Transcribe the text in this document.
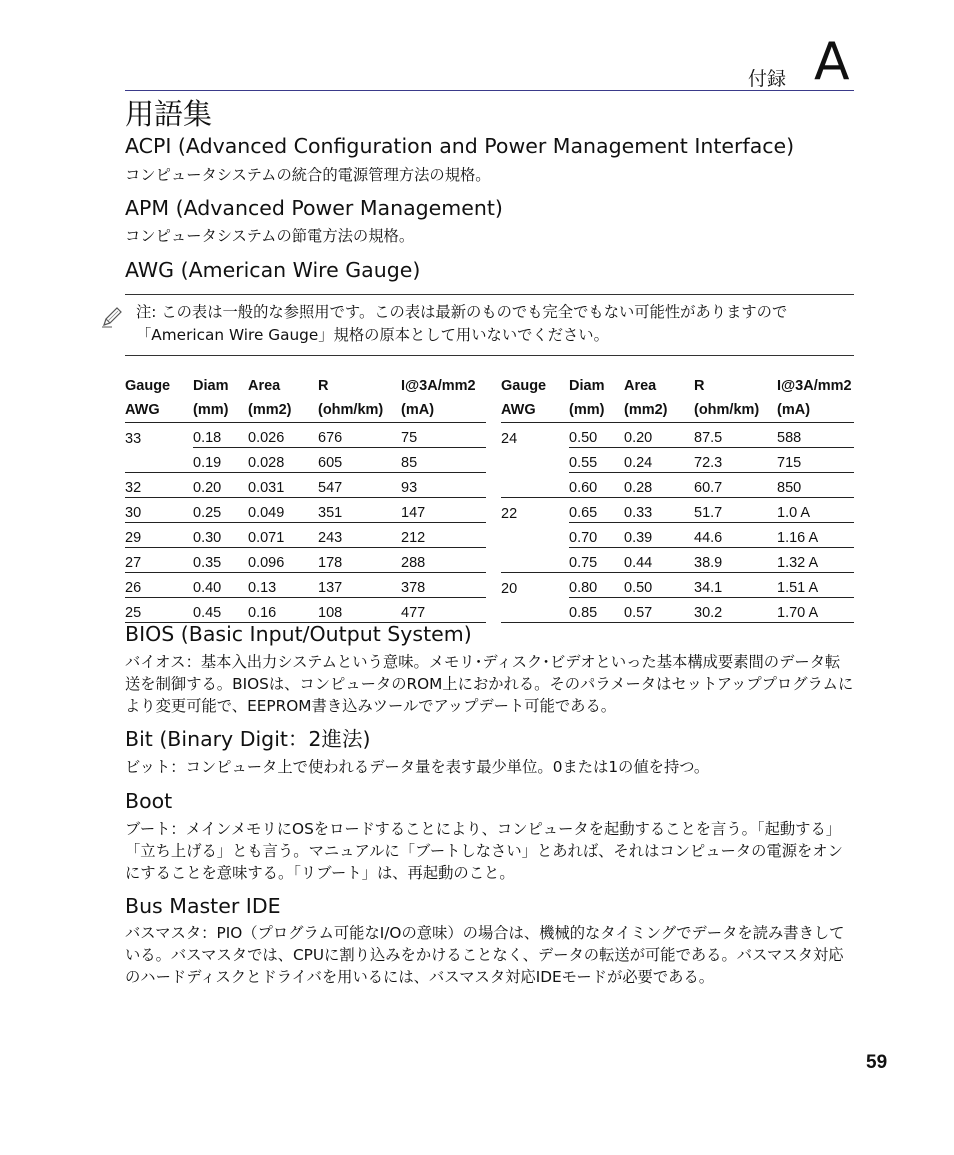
付録 A
用語集
ACPI (Advanced Configuration and Power Management Interface)
コンピュータシステムの統合的電源管理方法の規格。
APM (Advanced Power Management)
コンピュータシステムの節電方法の規格。
AWG (American Wire Gauge)
注: この表は一般的な参照用です。この表は最新のものでも完全でもない可能性がありますので「American Wire Gauge」規格の原本として用いないでください。
Gauge	Diam	Area	R	I@3A/mm2
AWG	(mm)	(mm2)	(ohm/km)	(mA)
33	0.18	0.026	676	75
	0.19	0.028	605	85
32	0.20	0.031	547	93
30	0.25	0.049	351	147
29	0.30	0.071	243	212
27	0.35	0.096	178	288
26	0.40	0.13	137	378
25	0.45	0.16	108	477
Gauge	Diam	Area	R	I@3A/mm2
AWG	(mm)	(mm2)	(ohm/km)	(mA)
24	0.50	0.20	87.5	588
	0.55	0.24	72.3	715
	0.60	0.28	60.7	850
22	0.65	0.33	51.7	1.0 A
	0.70	0.39	44.6	1.16 A
	0.75	0.44	38.9	1.32 A
20	0.80	0.50	34.1	1.51 A
	0.85	0.57	30.2	1.70 A
BIOS (Basic Input/Output System)
バイオス：基本入出力システムという意味。メモリ･ディスク･ビデオといった基本構成要素間のデータ転送を制御する。BIOSは、コンピュータのROM上におかれる。そのパラメータはセットアッププログラムにより変更可能で、EEPROM書き込みツールでアップデート可能である。
Bit (Binary Digit：2進法)
ビット：コンピュータ上で使われるデータ量を表す最少単位。0または1の値を持つ。
Boot
ブート：メインメモリにOSをロードすることにより、コンピュータを起動することを言う。「起動する」「立ち上げる」とも言う。マニュアルに「ブートしなさい」とあれば、それはコンピュータの電源をオンにすることを意味する。「リブート」は、再起動のこと。
Bus Master IDE
バスマスタ：PIO（プログラム可能なI/Oの意味）の場合は、機械的なタイミングでデータを読み書きしている。バスマスタでは、CPUに割り込みをかけることなく、データの転送が可能である。バスマスタ対応のハードディスクとドライバを用いるには、バスマスタ対応IDEモードが必要である。
59
